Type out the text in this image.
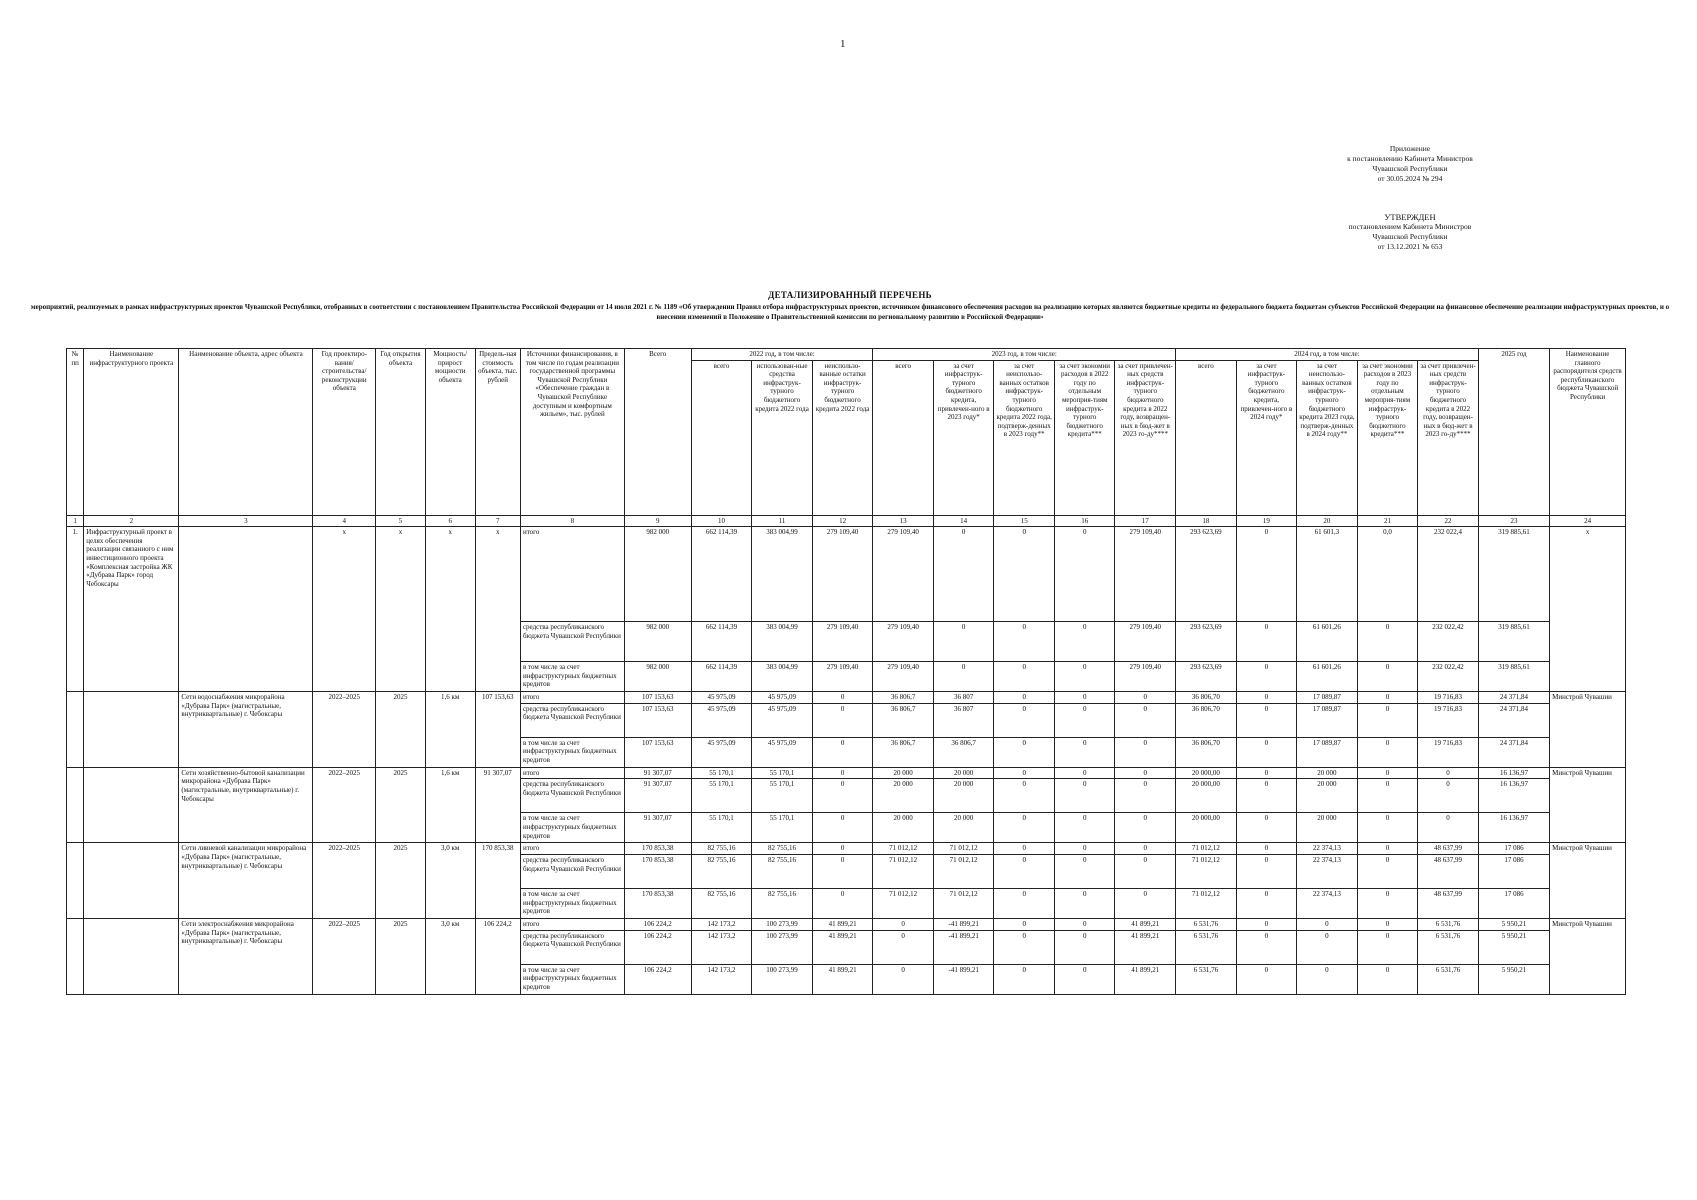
1
Приложение
к постановлению Кабинета Министров
Чувашской Республики
от 30.05.2024 № 294
УТВЕРЖДЕН
постановлением Кабинета Министров
Чувашской Республики
от 13.12.2021 № 653
ДЕТАЛИЗИРОВАННЫЙ ПЕРЕЧЕНЬ
мероприятий, реализуемых в рамках инфраструктурных проектов Чувашской Республики, отобранных в соответствии с постановлением Правительства Российской Федерации от 14 июля 2021 г. № 1189 «Об утверждении Правил отбора инфраструктурных проектов, источником финансового обеспечения расходов на реализацию которых являются бюджетные кредиты из федерального бюджета бюджетам субъектов Российской Федерации на финансовое обеспечение реализации инфраструктурных проектов, и о внесении изменений в Положение о Правительственной комиссии по региональному развитию в Российской Федерации»
№ пп	Наименование инфраструктурного проекта	Наименование объекта, адрес объекта	Год проектиро-вания/ строительства/ реконструкции объекта	Год открытия объекта	Мощность/ прирост мощности объекта	Предель-ная стоимость объекта, тыс. рублей	Источники финансирования, в том числе по годам реализации государственной программы Чувашской Республики «Обеспечение граждан в Чувашской Республике доступным и комфортным жильем», тыс. рублей	Всего	2022 год, в том числе:			2023 год, в том числе:					2024 год, в том числе:					2025 год	Наименование главного распорядителя средств республиканского бюджета Чувашской Республики
									всего	использован-ные средства инфраструк-турного бюджетного кредита 2022 года	неиспользо-ванные остатки инфраструк-турного бюджетного кредита 2022 года	всего	за счет инфраструк-турного бюджетного кредита, привлечен-ного в 2023 году*	за счет неиспользо-ванных остатков инфраструк-турного бюджетного кредита 2022 года, подтверж-денных в 2023 году**	за счет экономии расходов в 2022 году по отдельным мероприя-тиям инфраструк-турного бюджетного кредита***	за счет привлечен-ных средств инфраструк-турного бюджетного кредита в 2022 году, возвращен-ных в бюд-жет в 2023 го-ду****	всего	за счет инфраструк-турного бюджетного кредита, привлечен-ного в 2024 году*	за счет неиспользо-ванных остатков инфраструк-турного бюджетного кредита 2023 года, подтверж-денных в 2024 году**	за счет экономии расходов в 2023 году по отдельным мероприя-тиям инфраструк-турного бюджетного кредита***	за счет привлечен-ных средств инфраструк-турного бюджетного кредита в 2022 году, возвращен-ных в бюд-жет в 2023 го-ду****		
1	2	3	4	5	6	7	8	9	10	11	12	13	14	15	16	17	18	19	20	21	22	23	24
1.	Инфраструктурный проект в целях обеспечения реализации связанного с ним инвестиционного проекта «Комплексная застройка ЖК «Дубрава Парк» город Чебоксары		x	x	x	x	итого	982 000	662 114,39	383 004,99	279 109,40	279 109,40	0	0	0	279 109,40	293 623,69	0	61 601,3	0,0	232 022,4	319 885,61	x
							средства республиканского бюджета Чувашской Республики	982 000	662 114,39	383 004,99	279 109,40	279 109,40	0	0	0	279 109,40	293 623,69	0	61 601,26	0	232 022,42	319 885,61	
							в том числе за счет инфраструктурных бюджетных кредитов	982 000	662 114,39	383 004,99	279 109,40	279 109,40	0	0	0	279 109,40	293 623,69	0	61 601,26	0	232 022,42	319 885,61	
		Сети водоснабжения микрорайона «Дубрава Парк» (магистральные, внутриквартальные) г. Чебоксары	2022–2025	2025	1,6 км	107 153,63	итого	107 153,63	45 975,09	45 975,09	0	36 806,7	36 807	0	0	0	36 806,70	0	17 089,87	0	19 716,83	24 371,84	Минстрой Чувашии
							средства республиканского бюджета Чувашской Республики	107 153,63	45 975,09	45 975,09	0	36 806,7	36 807	0	0	0	36 806,70	0	17 089,87	0	19 716,83	24 371,84	
							в том числе за счет инфраструктурных бюджетных кредитов	107 153,63	45 975,09	45 975,09	0	36 806,7	36 806,7	0	0	0	36 806,70	0	17 089,87	0	19 716,83	24 371,84	
		Сети хозяйственно-бытовой канализации микрорайона «Дубрава Парк» (магистральные, внутриквартальные) г. Чебоксары	2022–2025	2025	1,6 км	91 307,07	итого	91 307,07	55 170,1	55 170,1	0	20 000	20 000	0	0	0	20 000,00	0	20 000	0	0	16 136,97	Минстрой Чувашии
							средства республиканского бюджета Чувашской Республики	91 307,07	55 170,1	55 170,1	0	20 000	20 000	0	0	0	20 000,00	0	20 000	0	0	16 136,97	
							в том числе за счет инфраструктурных бюджетных кредитов	91 307,07	55 170,1	55 170,1	0	20 000	20 000	0	0	0	20 000,00	0	20 000	0	0	16 136,97	
		Сети ливневой канализации микрорайона «Дубрава Парк» (магистральные, внутриквартальные) г. Чебоксары	2022–2025	2025	3,0 км	170 853,38	итого	170 853,38	82 755,16	82 755,16	0	71 012,12	71 012,12	0	0	0	71 012,12	0	22 374,13	0	48 637,99	17 086	Минстрой Чувашии
							средства республиканского бюджета Чувашской Республики	170 853,38	82 755,16	82 755,16	0	71 012,12	71 012,12	0	0	0	71 012,12	0	22 374,13	0	48 637,99	17 086	
							в том числе за счет инфраструктурных бюджетных кредитов	170 853,38	82 755,16	82 755,16	0	71 012,12	71 012,12	0	0	0	71 012,12	0	22 374,13	0	48 637,99	17 086	
		Сети электроснабжения микрорайона «Дубрава Парк» (магистральные, внутриквартальные) г. Чебоксары	2022–2025	2025	3,0 км	106 224,2	итого	106 224,2	142 173,2	100 273,99	41 899,21	0	-41 899,21	0	0	41 899,21	6 531,76	0	0	0	6 531,76	5 950,21	Минстрой Чувашии
							средства республиканского бюджета Чувашской Республики	106 224,2	142 173,2	100 273,99	41 899,21	0	-41 899,21	0	0	41 899,21	6 531,76	0	0	0	6 531,76	5 950,21	
							в том числе за счет инфраструктурных бюджетных кредитов	106 224,2	142 173,2	100 273,99	41 899,21	0	-41 899,21	0	0	41 899,21	6 531,76	0	0	0	6 531,76	5 950,21	
